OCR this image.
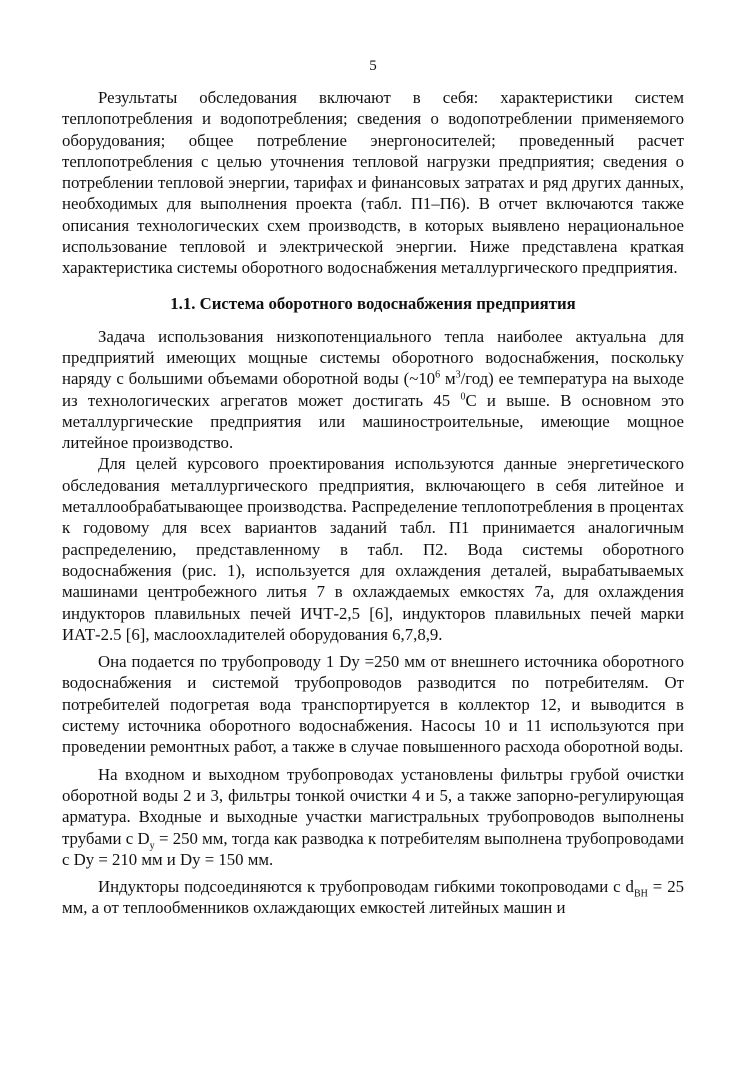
5

Результаты обследования включают в себя: характеристики систем теплопотребления и водопотребления; сведения о водопотреблении применяемого оборудования; общее потребление энергоносителей; проведенный расчет теплопотребления с целью уточнения тепловой нагрузки предприятия; сведения о потреблении тепловой энергии, тарифах и финансовых затратах и ряд других данных, необходимых для выполнения проекта (табл. П1–П6). В отчет включаются также описания технологических схем производств, в которых выявлено нерациональное использование тепловой и электрической энергии. Ниже представлена краткая характеристика системы оборотного водоснабжения металлургического предприятия.

1.1. Система оборотного водоснабжения предприятия

Задача использования низкопотенциального тепла наиболее актуальна для предприятий имеющих мощные системы оборотного водоснабжения, поскольку наряду с большими объемами оборотной воды ($\sim 10^6$ $м^3/год$) ее температура на выходе из технологических агрегатов может достигать 45 $^0$С и выше. В основном это металлургические предприятия или машиностроительные, имеющие мощное литейное производство.

Для целей курсового проектирования используются данные энергетического обследования металлургического предприятия, включающего в себя литейное и металлообрабатывающее производства. Распределение теплопотребления в процентах к годовому для всех вариантов заданий табл. П1 принимается аналогичным распределению, представленному в табл. П2. Вода системы оборотного водоснабжения (рис. 1), используется для охлаждения деталей, вырабатываемых машинами центробежного литья 7 в охлаждаемых емкостях 7а, для охлаждения индукторов плавильных печей ИЧТ-2,5 [6], индукторов плавильных печей марки ИАТ-2.5 [6], маслоохладителей оборудования 6,7,8,9.

Она подается по трубопроводу 1 Dy =250 мм от внешнего источника оборотного водоснабжения и системой трубопроводов разводится по потребителям. От потребителей подогретая вода транспортируется в коллектор 12, и выводится в систему источника оборотного водоснабжения. Насосы 10 и 11 используются при проведении ремонтных работ, а также в случае повышенного расхода оборотной воды.

На входном и выходном трубопроводах установлены фильтры грубой очистки оборотной воды 2 и 3, фильтры тонкой очистки 4 и 5, а также запорно-регулирующая арматура. Входные и выходные участки магистральных трубопроводов выполнены трубами с $D_у = 250$ мм, тогда как разводка к потребителям выполнена трубопроводами с Dy = 210 мм и Dy = 150 мм.

Индукторы подсоединяются к трубопроводам гибкими токопроводами с $d_{ВН} = 25$ мм, а от теплообменников охлаждающих емкостей литейных машин и
